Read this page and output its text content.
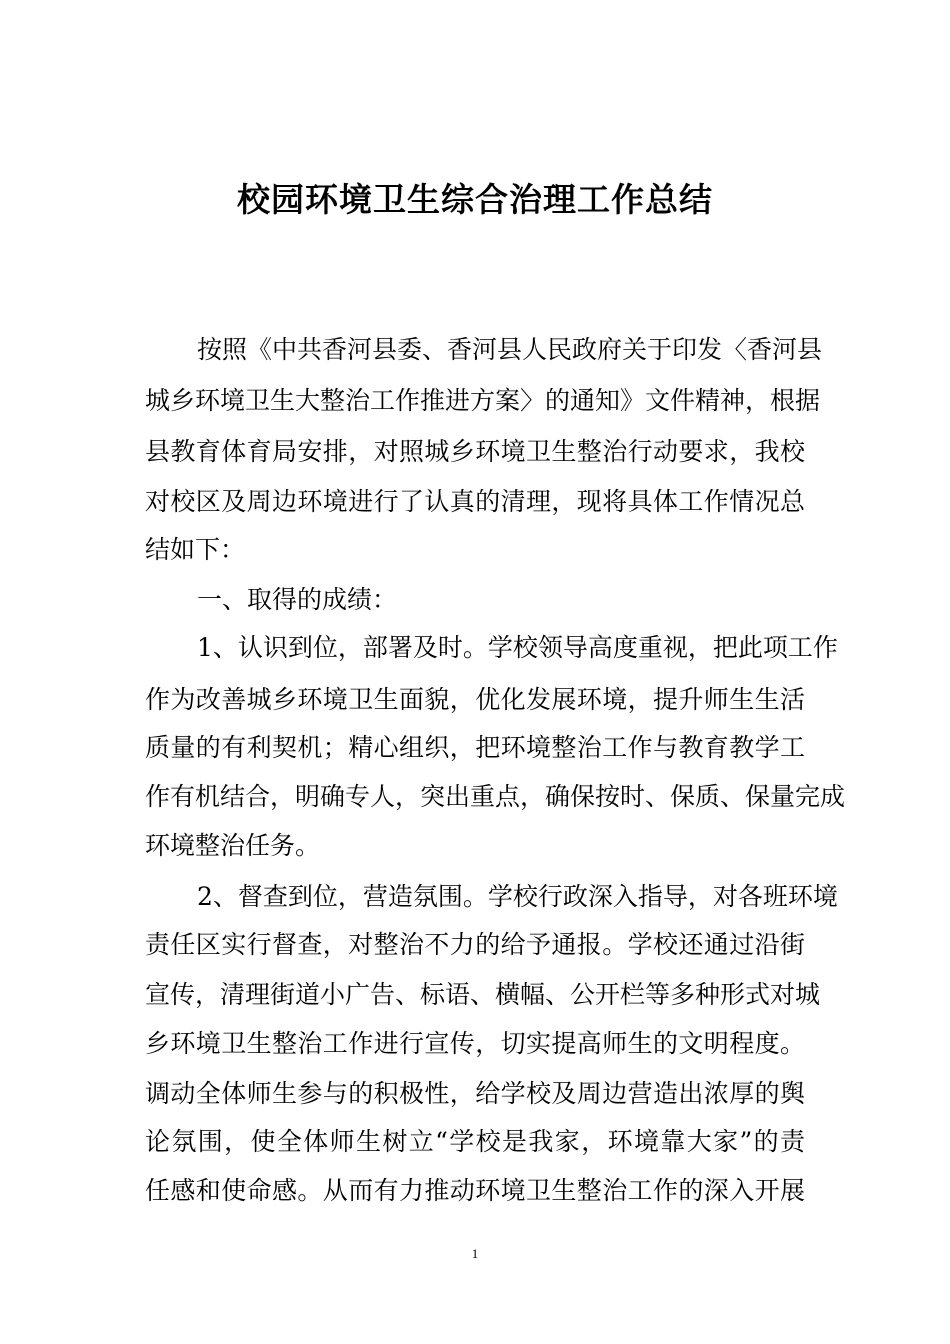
校园环境卫生综合治理工作总结

按照《中共香河县委、香河县人民政府关于印发〈香河县

城乡环境卫生大整治工作推进方案〉的通知》文件精神，根据

县教育体育局安排，对照城乡环境卫生整治行动要求，我校

对校区及周边环境进行了认真的清理，现将具体工作情况总

结如下：

一、取得的成绩：

1、认识到位，部署及时。学校领导高度重视，把此项工作

作为改善城乡环境卫生面貌，优化发展环境，提升师生生活

质量的有利契机；精心组织，把环境整治工作与教育教学工

作有机结合，明确专人，突出重点，确保按时、保质、保量完成

环境整治任务。

2、督查到位，营造氛围。学校行政深入指导，对各班环境

责任区实行督查，对整治不力的给予通报。学校还通过沿街

宣传，清理街道小广告、标语、横幅、公开栏等多种形式对城

乡环境卫生整治工作进行宣传，切实提高师生的文明程度。

调动全体师生参与的积极性，给学校及周边营造出浓厚的舆

论氛围，使全体师生树立“学校是我家，环境靠大家”的责

任感和使命感。从而有力推动环境卫生整治工作的深入开展

1
